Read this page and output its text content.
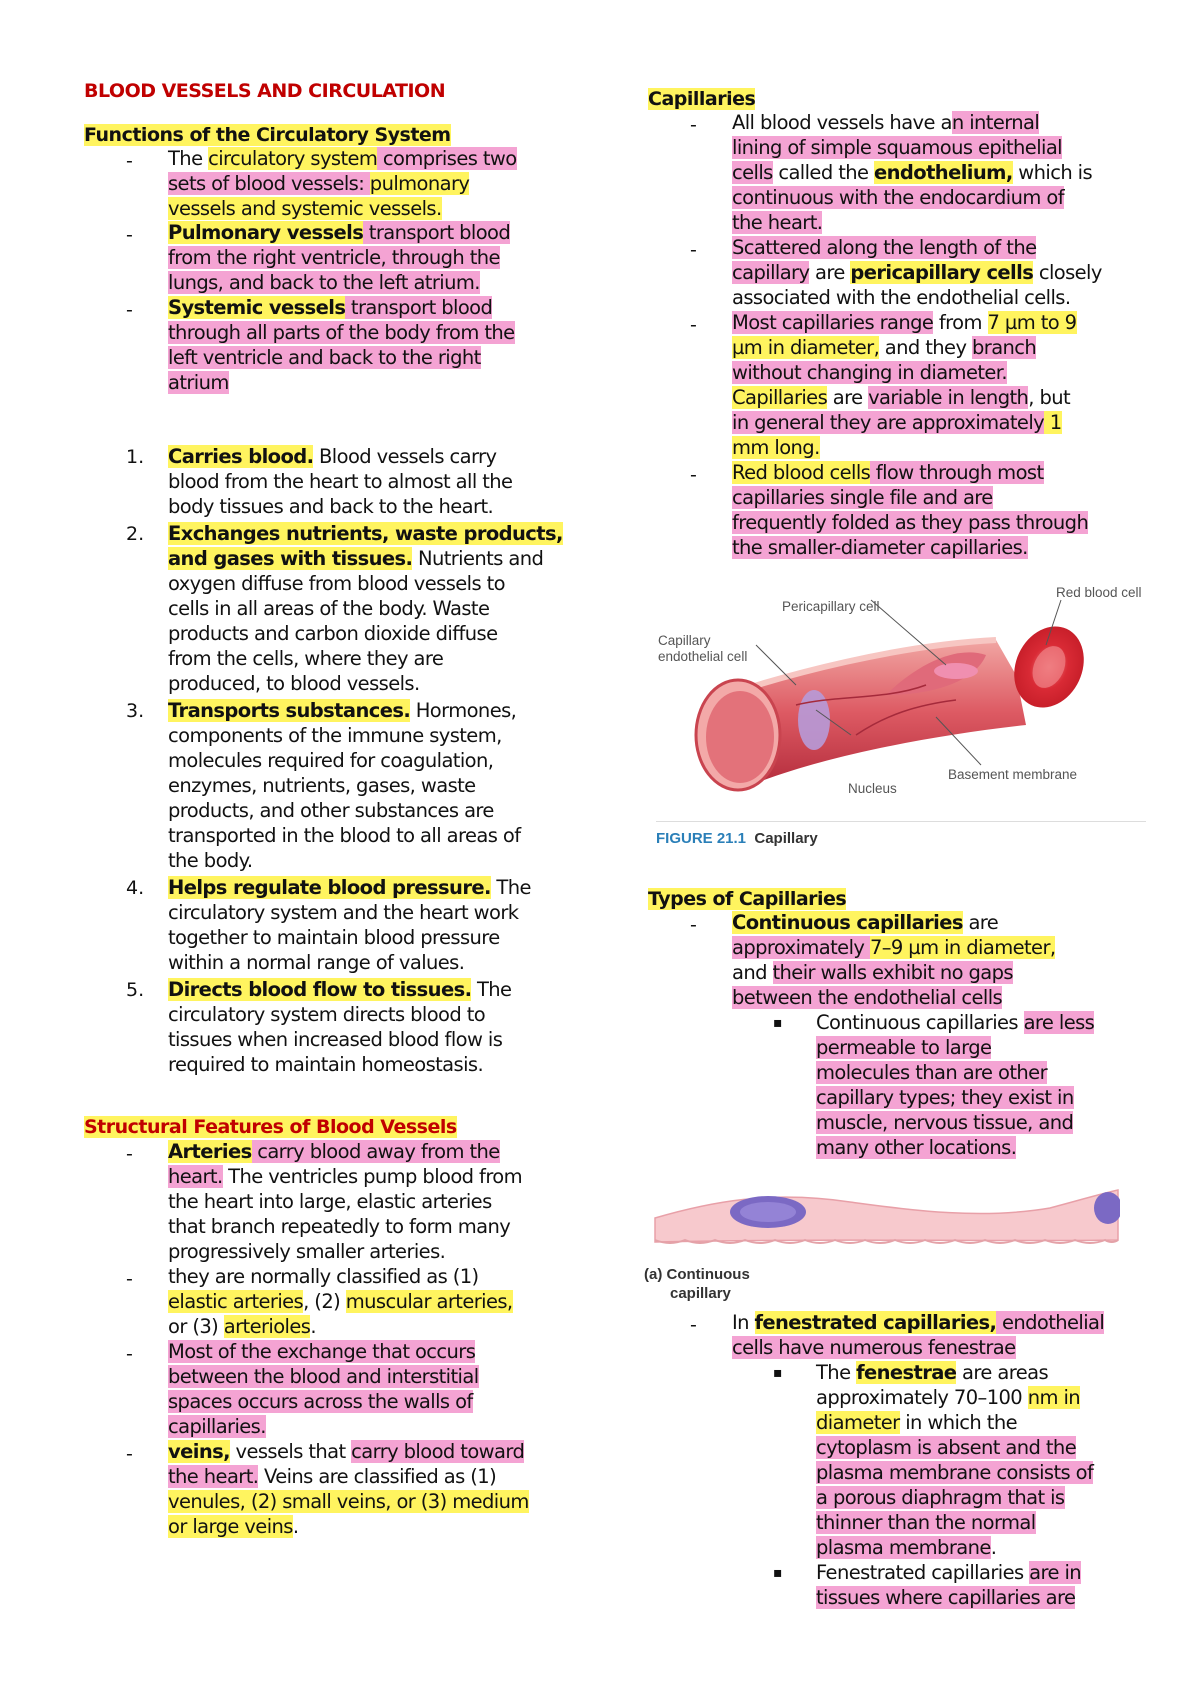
BLOOD VESSELS AND CIRCULATION
Functions of the Circulatory System
- The circulatory system comprises two
sets of blood vessels: pulmonary
vessels and systemic vessels.
- Pulmonary vessels transport blood
from the right ventricle, through the
lungs, and back to the left atrium.
- Systemic vessels transport blood
through all parts of the body from the
left ventricle and back to the right
atrium
1. Carries blood. Blood vessels carry
blood from the heart to almost all the
body tissues and back to the heart.
2. Exchanges nutrients, waste products,
and gases with tissues. Nutrients and
oxygen diffuse from blood vessels to
cells in all areas of the body. Waste
products and carbon dioxide diffuse
from the cells, where they are
produced, to blood vessels.
3. Transports substances. Hormones,
components of the immune system,
molecules required for coagulation,
enzymes, nutrients, gases, waste
products, and other substances are
transported in the blood to all areas of
the body.
4. Helps regulate blood pressure. The
circulatory system and the heart work
together to maintain blood pressure
within a normal range of values.
5. Directs blood flow to tissues. The
circulatory system directs blood to
tissues when increased blood flow is
required to maintain homeostasis.
Structural Features of Blood Vessels
- Arteries carry blood away from the
heart. The ventricles pump blood from
the heart into large, elastic arteries
that branch repeatedly to form many
progressively smaller arteries.
- they are normally classified as (1)
elastic arteries, (2) muscular arteries,
or (3) arterioles.
- Most of the exchange that occurs
between the blood and interstitial
spaces occurs across the walls of
capillaries.
- veins, vessels that carry blood toward
the heart. Veins are classified as (1)
venules, (2) small veins, or (3) medium
or large veins.
Capillaries
- All blood vessels have an internal
lining of simple squamous epithelial
cells called the endothelium, which is
continuous with the endocardium of
the heart.
- Scattered along the length of the
capillary are pericapillary cells closely
associated with the endothelial cells.
- Most capillaries range from 7 µm to 9
µm in diameter, and they branch
without changing in diameter.
Capillaries are variable in length, but
in general they are approximately 1
mm long.
- Red blood cells flow through most
capillaries single file and are
frequently folded as they pass through
the smaller-diameter capillaries.
Pericapillary cell
Red blood cell
Capillary
endothelial cell
Nucleus
Basement membrane
FIGURE 21.1 Capillary
Types of Capillaries
- Continuous capillaries are
approximately 7–9 µm in diameter,
and their walls exhibit no gaps
between the endothelial cells
▪ Continuous capillaries are less
permeable to large
molecules than are other
capillary types; they exist in
muscle, nervous tissue, and
many other locations.
(a) Continuous
capillary
- In fenestrated capillaries, endothelial
cells have numerous fenestrae
▪ The fenestrae are areas
approximately 70–100 nm in
diameter in which the
cytoplasm is absent and the
plasma membrane consists of
a porous diaphragm that is
thinner than the normal
plasma membrane.
▪ Fenestrated capillaries are in
tissues where capillaries are
